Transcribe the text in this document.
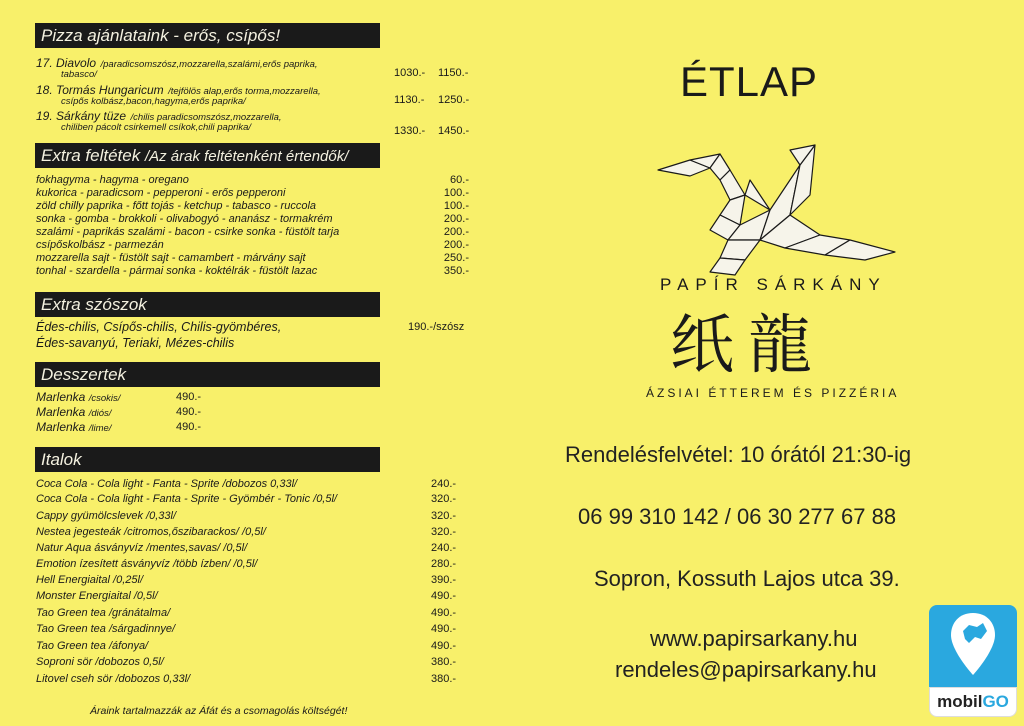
Pizza ajánlataink - erős, csípős!
17. Diavolo /paradicsomszósz,mozzarella,szalámi,erős paprika,
tabasco/	1030.- 1150.-
18. Tormás Hungaricum /tejfölös alap,erős torma,mozzarella,
csípős kolbász,bacon,hagyma,erős paprika/	1130.- 1250.-
19. Sárkány tüze /chilis paradicsomszósz,mozzarella,
chiliben pácolt csirkemell csíkok,chili paprika/	1330.- 1450.-
Extra feltétek /Az árak feltétenként értendők/
fokhagyma - hagyma - oregano	60.-
kukorica - paradicsom - pepperoni - erős pepperoni	100.-
zöld chilly paprika - főtt tojás - ketchup - tabasco - ruccola	100.-
sonka - gomba - brokkoli - olivabogyó - ananász - tormakrém	200.-
szalámi - paprikás szalámi - bacon - csirke sonka - füstölt tarja	200.-
csípőskolbász - parmezán	200.-
mozzarella sajt - füstölt sajt - camambert - márvány sajt	250.-
tonhal - szardella - pármai sonka - koktélrák - füstölt lazac	350.-
Extra szószok
Édes-chilis, Csípős-chilis, Chilis-gyömbéres,
Édes-savanyú, Teriaki, Mézes-chilis
190.-/szósz
Desszertek
Marlenka /csokis/	490.-
Marlenka /diós/	490.-
Marlenka /lime/	490.-
Italok
Coca Cola - Cola light - Fanta - Sprite /dobozos 0,33l/	240.-
Coca Cola - Cola light - Fanta - Sprite - Gyömbér - Tonic /0,5l/	320.-
Cappy gyümölcslevek /0,33l/	320.-
Nestea jegesteák /citromos,őszibarackos/ /0,5l/	320.-
Natur Aqua ásványvíz /mentes,savas/ /0,5l/	240.-
Emotion ízesített ásványvíz /több ízben/ /0,5l/	280.-
Hell Energiaital /0,25l/	390.-
Monster Energiaital /0,5l/	490.-
Tao Green tea /gránátalma/	490.-
Tao Green tea /sárgadinnye/	490.-
Tao Green tea /áfonya/	490.-
Soproni sör /dobozos 0,5l/	380.-
Litovel cseh sör /dobozos 0,33l/	380.-
Áraink tartalmazzák az Áfát és a csomagolás költségét!
ÉTLAP
PAPÍR SÁRKÁNY
纸龍
ÁZSIAI ÉTTEREM ÉS PIZZÉRIA
Rendelésfelvétel: 10 órától 21:30-ig
06 99 310 142 / 06 30 277 67 88
Sopron, Kossuth Lajos utca 39.
www.papirsarkany.hu
rendeles@papirsarkany.hu
mobilGO
